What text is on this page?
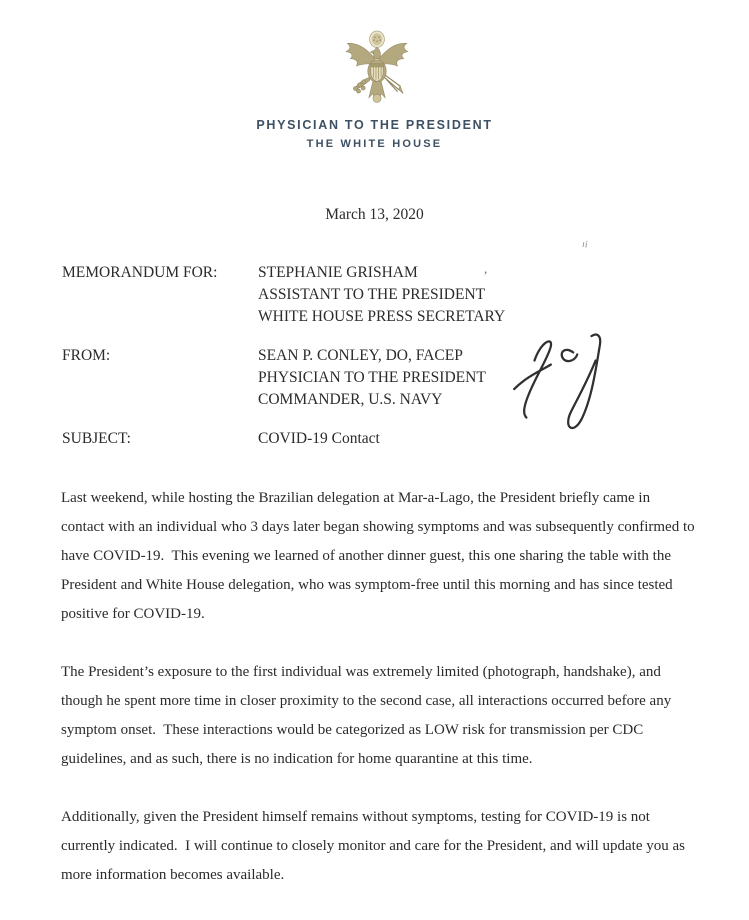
PHYSICIAN TO THE PRESIDENT
THE WHITE HOUSE
March 13, 2020
MEMORANDUM FOR:	STEPHANIE GRISHAM
ASSISTANT TO THE PRESIDENT
WHITE HOUSE PRESS SECRETARY
FROM:	SEAN P. CONLEY, DO, FACEP
PHYSICIAN TO THE PRESIDENT
COMMANDER, U.S. NAVY
SUBJECT:	COVID-19 Contact

Last weekend, while hosting the Brazilian delegation at Mar-a-Lago, the President briefly came in contact with an individual who 3 days later began showing symptoms and was subsequently confirmed to have COVID-19.  This evening we learned of another dinner guest, this one sharing the table with the President and White House delegation, who was symptom-free until this morning and has since tested positive for COVID-19.

The President’s exposure to the first individual was extremely limited (photograph, handshake), and though he spent more time in closer proximity to the second case, all interactions occurred before any symptom onset.  These interactions would be categorized as LOW risk for transmission per CDC guidelines, and as such, there is no indication for home quarantine at this time.

Additionally, given the President himself remains without symptoms, testing for COVID-19 is not currently indicated.  I will continue to closely monitor and care for the President, and will update you as more information becomes available.

,
ıi
